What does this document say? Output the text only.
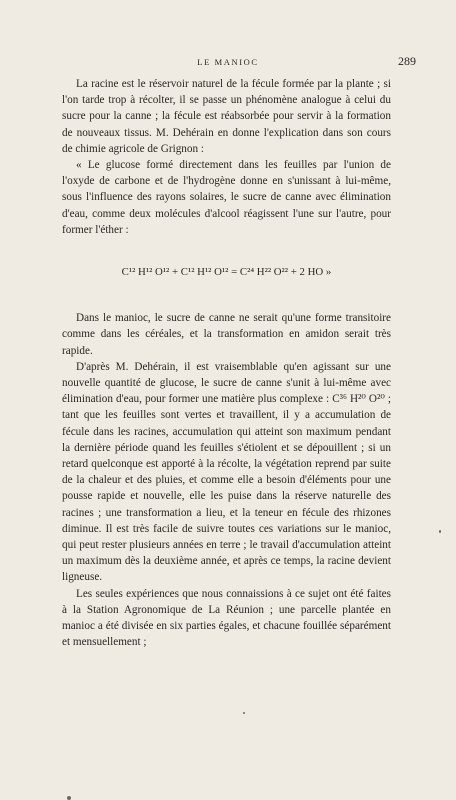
LE MANIOC	289

La racine est le réservoir naturel de la fécule formée par la plante ; si l'on tarde trop à récolter, il se passe un phénomène analogue à celui du sucre pour la canne ; la fécule est réabsorbée pour servir à la formation de nouveaux tissus. M. Dehérain en donne l'explication dans son cours de chimie agricole de Grignon :

« Le glucose formé directement dans les feuilles par l'union de l'oxyde de carbone et de l'hydrogène donne en s'unissant à lui-même, sous l'influence des rayons solaires, le sucre de canne avec élimination d'eau, comme deux molécules d'alcool réagissent l'une sur l'autre, pour former l'éther :

C¹² H¹² O¹² + C¹² H¹² O¹² = C²⁴ H²² O²² + 2 HO »

Dans le manioc, le sucre de canne ne serait qu'une forme transitoire comme dans les céréales, et la transformation en amidon serait très rapide.

D'après M. Dehérain, il est vraisemblable qu'en agissant sur une nouvelle quantité de glucose, le sucre de canne s'unit à lui-même avec élimination d'eau, pour former une matière plus complexe : C³⁶ H²⁰ O²⁰ ; tant que les feuilles sont vertes et travaillent, il y a accumulation de fécule dans les racines, accumulation qui atteint son maximum pendant la dernière période quand les feuilles s'étiolent et se dépouillent ; si un retard quelconque est apporté à la récolte, la végétation reprend par suite de la chaleur et des pluies, et comme elle a besoin d'éléments pour une pousse rapide et nouvelle, elle les puise dans la réserve naturelle des racines ; une transformation a lieu, et la teneur en fécule des rhizones diminue. Il est très facile de suivre toutes ces variations sur le manioc, qui peut rester plusieurs années en terre ; le travail d'accumulation atteint un maximum dès la deuxième année, et après ce temps, la racine devient ligneuse.

Les seules expériences que nous connaissions à ce sujet ont été faites à la Station Agronomique de La Réunion ; une parcelle plantée en manioc a été divisée en six parties égales, et chacune fouillée séparément et mensuellement ;
